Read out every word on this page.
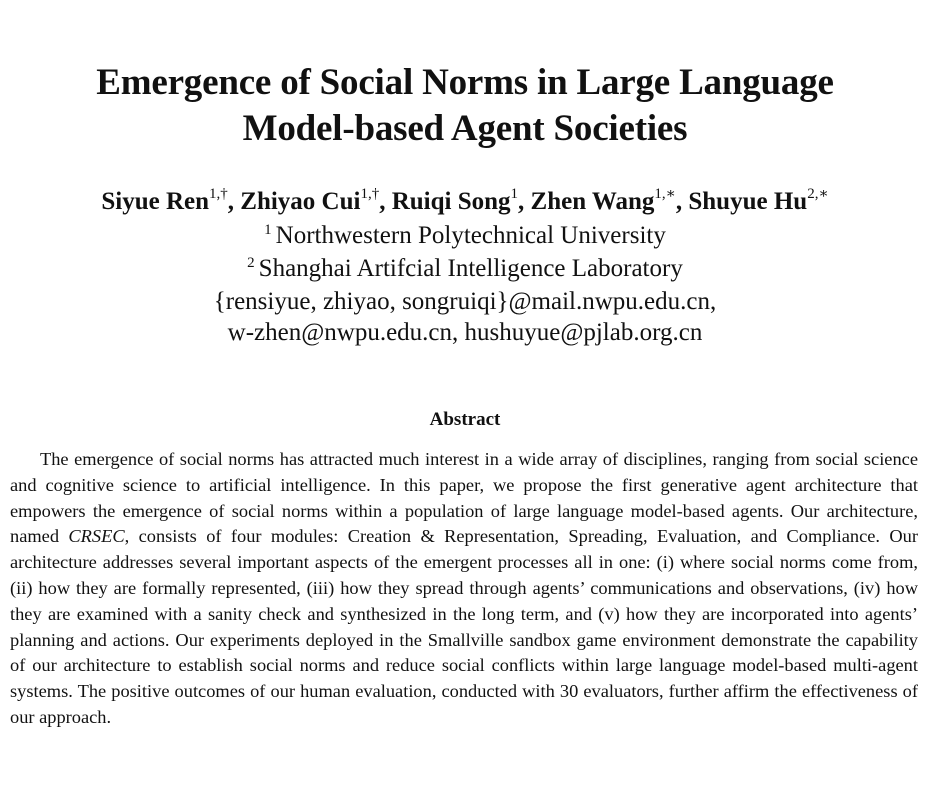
Emergence of Social Norms in Large Language
Model-based Agent Societies
Siyue Ren$^{1,\dagger}$, Zhiyao Cui$^{1,\dagger}$, Ruiqi Song$^1$, Zhen Wang$^{1,∗}$, Shuyue $Hu^{2,∗}$
$^1$ Northwestern Polytechnical University
$^2$ Shanghai Artifcial Intelligence Laboratory
{rensiyue, zhiyao, songruiqi}@mail.nwpu.edu.cn,
w-zhen@nwpu.edu.cn, hushuyue@pjlab.org.cn
Abstract
The emergence of social norms has attracted much interest in a wide array of disciplines, ranging from social science and cognitive science to artificial intelligence. In this paper, we propose the first generative agent architecture that empowers the emergence of social norms within a population of large language model-based agents. Our architecture, named CRSEC, consists of four modules: Creation & Representation, Spreading, Evaluation, and Compliance. Our architecture addresses several important aspects of the emergent processes all in one: (i) where social norms come from, (ii) how they are formally represented, (iii) how they spread through agents’ communications and observations, (iv) how they are examined with a sanity check and synthesized in the long term, and (v) how they are incorporated into agents’ planning and actions. Our experiments deployed in the Smallville sandbox game environment demonstrate the capability of our architecture to establish social norms and reduce social conflicts within large language model-based multi-agent systems. The positive outcomes of our human evaluation, conducted with 30 evaluators, further affirm the effectiveness of our approach.
